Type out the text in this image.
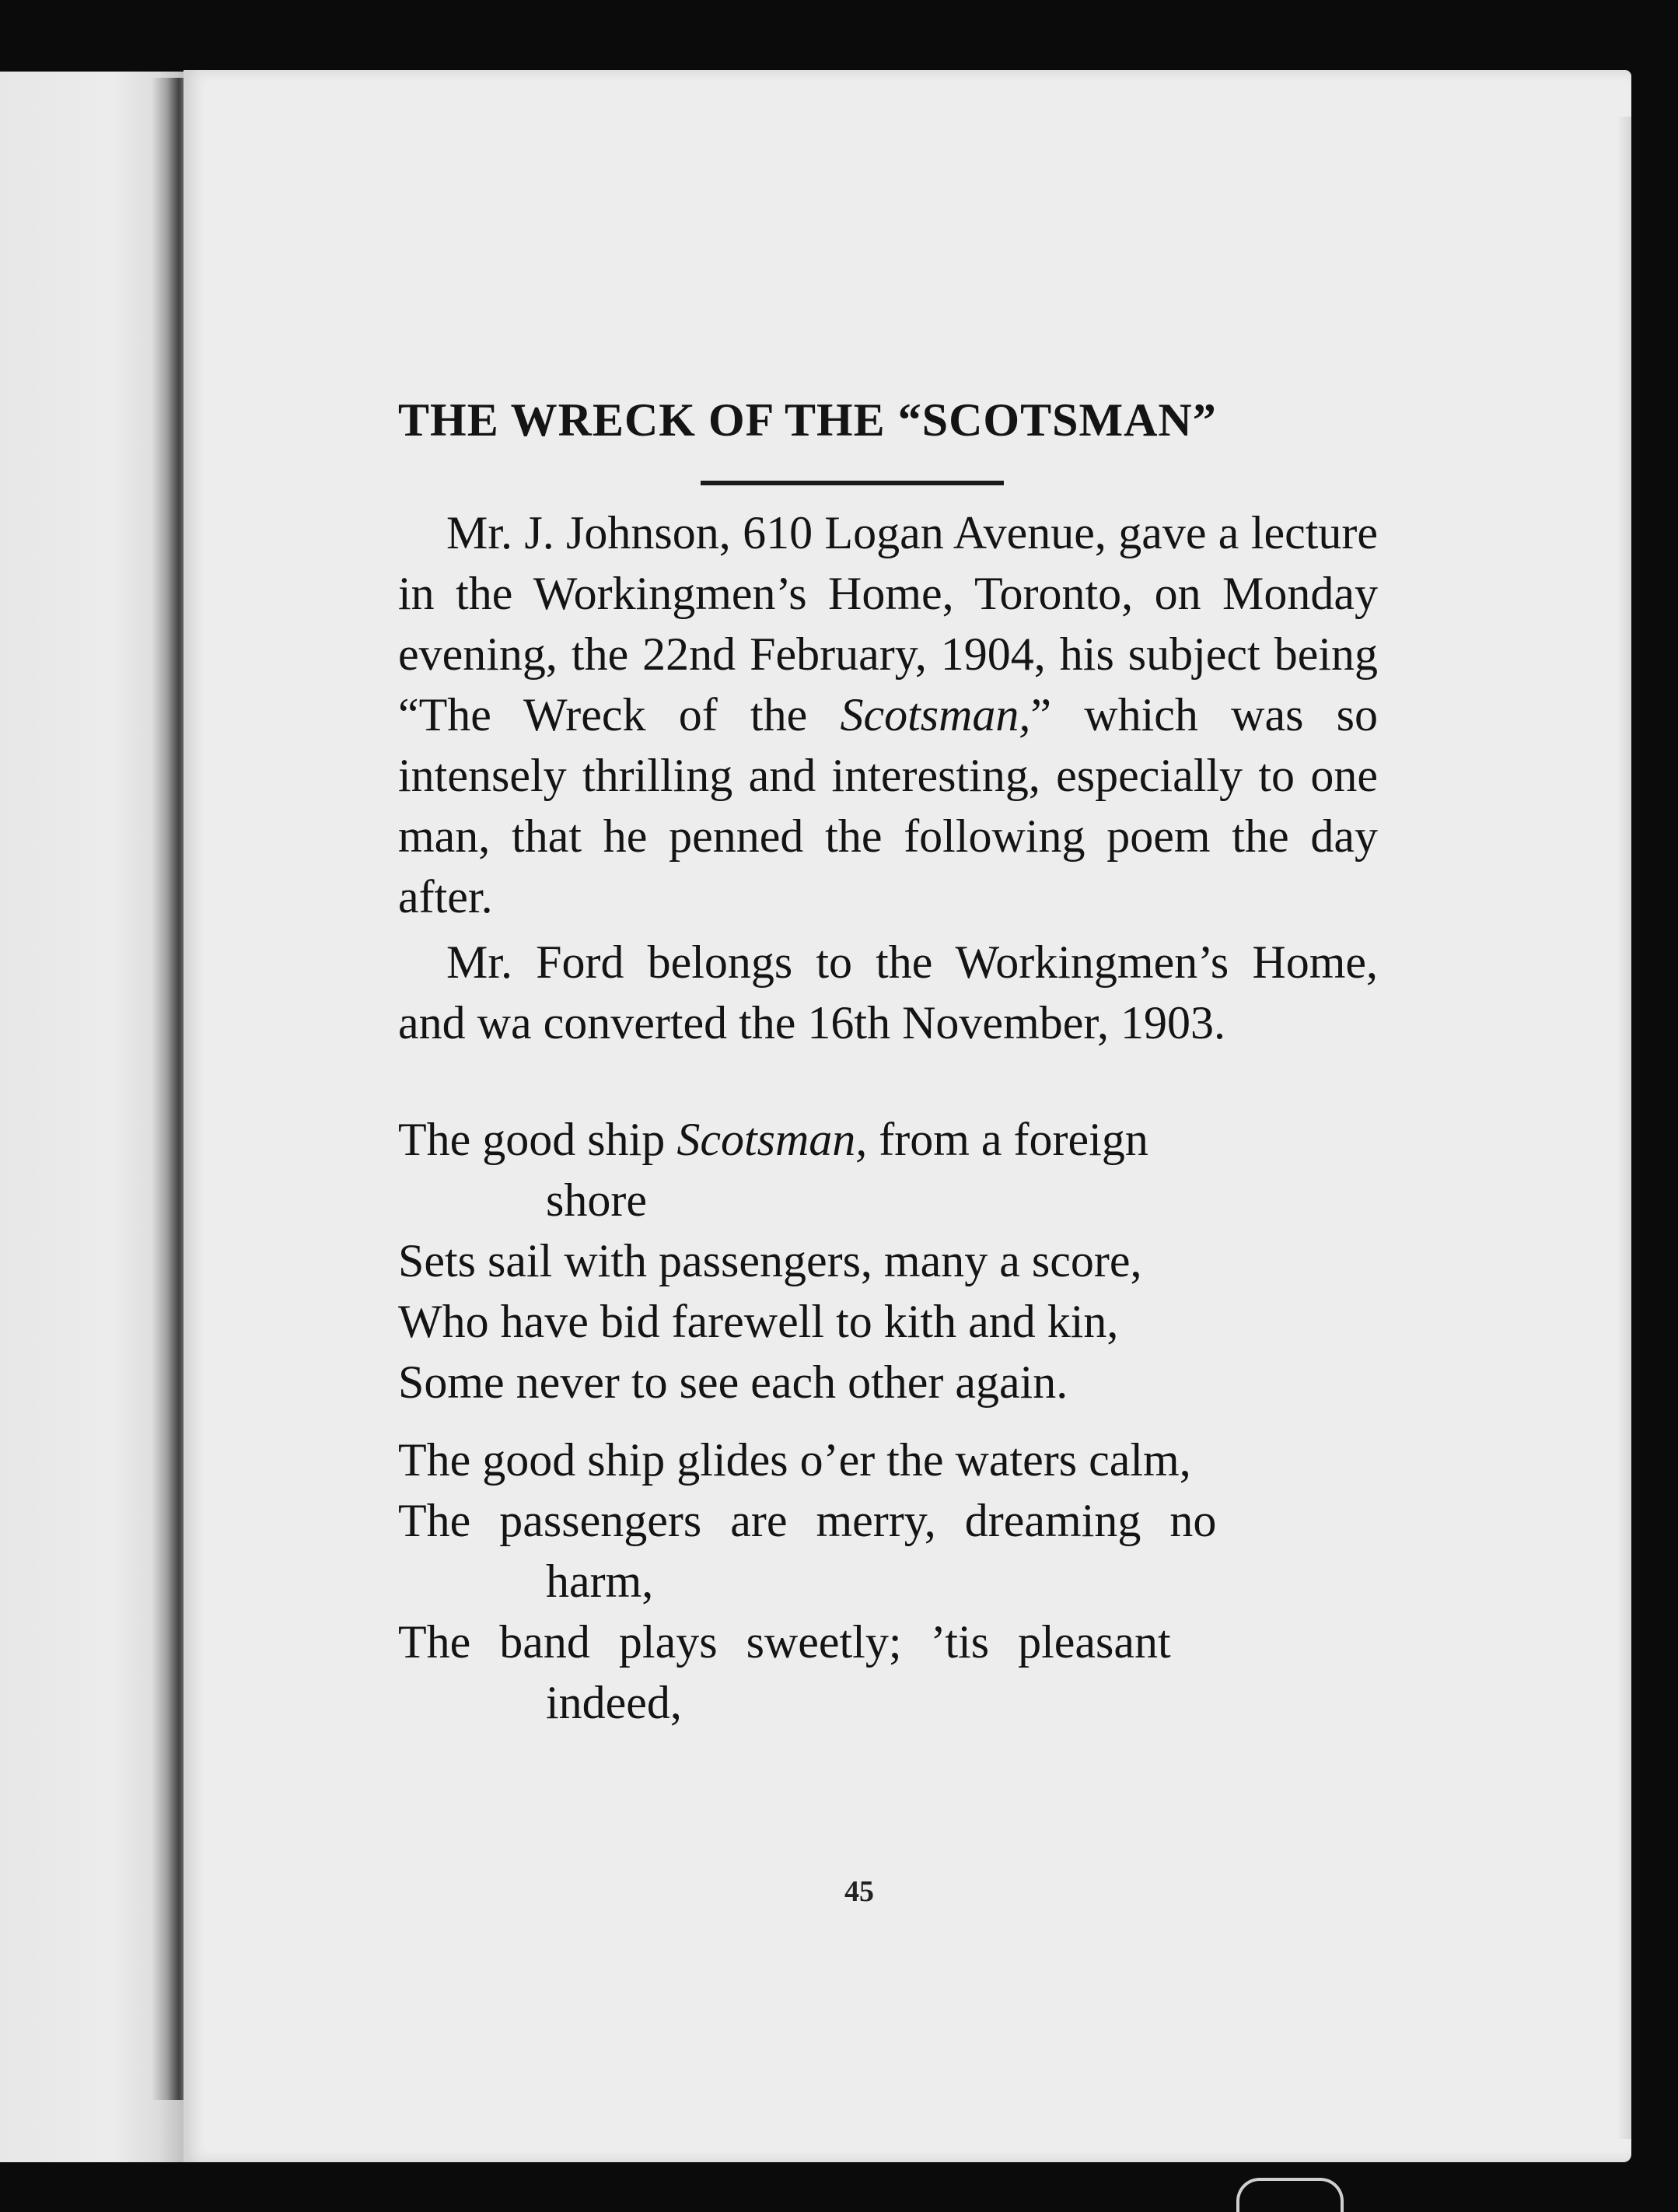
THE WRECK OF THE “SCOTSMAN”

Mr. J. Johnson, 610 Logan Avenue, gave a lecture in the Workingmen’s Home, Toronto, on Monday evening, the 22nd February, 1904, his subject being “The Wreck of the Scotsman,” which was so intensely thrilling and interesting, especially to one man, that he penned the following poem the day after.

Mr. Ford belongs to the Workingmen’s Home, and wa converted the 16th November, 1903.

The good ship Scotsman, from a foreign
shore
Sets sail with passengers, many a score,
Who have bid farewell to kith and kin,
Some never to see each other again.
The good ship glides o’er the waters calm,
The passengers are merry, dreaming no
harm,
The band plays sweetly; ’tis pleasant
indeed,
45
